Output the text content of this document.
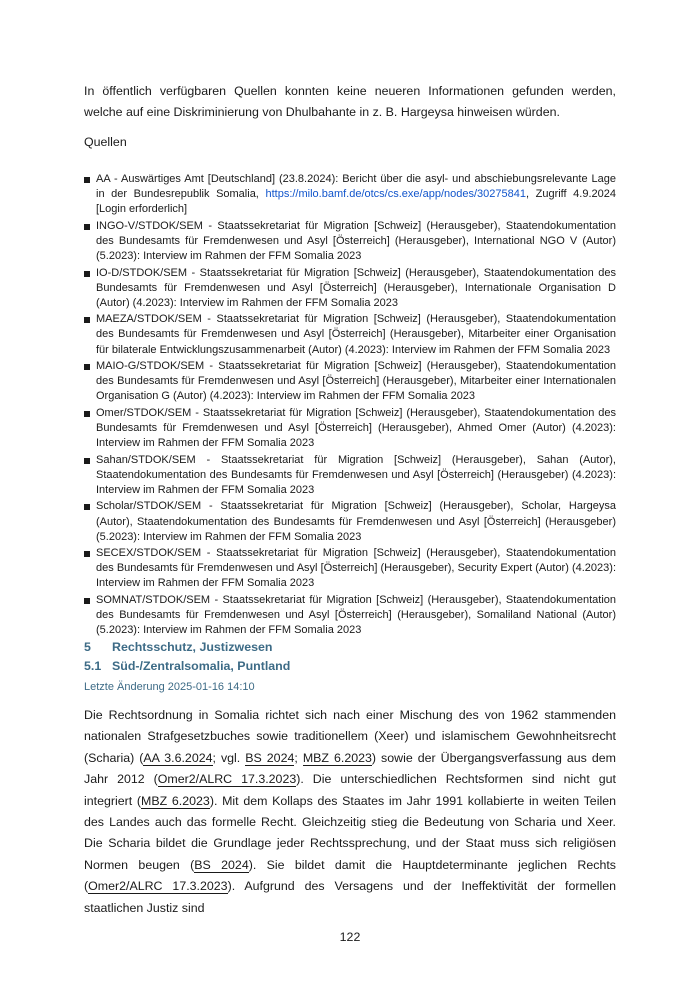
In öffentlich verfügbaren Quellen konnten keine neueren Informationen gefunden werden, welche auf eine Diskriminierung von Dhulbahante in z. B. Hargeysa hinweisen würden.

Quellen

AA - Auswärtiges Amt [Deutschland] (23.8.2024): Bericht über die asyl- und abschiebungsrelevante Lage in der Bundesrepublik Somalia, https://milo.bamf.de/otcs/cs.exe/app/nodes/30275841, Zugriff 4.9.2024 [Login erforderlich]
INGO-V/STDOK/SEM - Staatssekretariat für Migration [Schweiz] (Herausgeber), Staatendokumentation des Bundesamts für Fremdenwesen und Asyl [Österreich] (Herausgeber), International NGO V (Autor) (5.2023): Interview im Rahmen der FFM Somalia 2023
IO-D/STDOK/SEM - Staatssekretariat für Migration [Schweiz] (Herausgeber), Staatendokumentation des Bundesamts für Fremdenwesen und Asyl [Österreich] (Herausgeber), Internationale Organisation D (Autor) (4.2023): Interview im Rahmen der FFM Somalia 2023
MAEZA/STDOK/SEM - Staatssekretariat für Migration [Schweiz] (Herausgeber), Staatendokumentation des Bundesamts für Fremdenwesen und Asyl [Österreich] (Herausgeber), Mitarbeiter einer Organisation für bilaterale Entwicklungszusammenarbeit (Autor) (4.2023): Interview im Rahmen der FFM Somalia 2023
MAIO-G/STDOK/SEM - Staatssekretariat für Migration [Schweiz] (Herausgeber), Staatendokumentation des Bundesamts für Fremdenwesen und Asyl [Österreich] (Herausgeber), Mitarbeiter einer Internationalen Organisation G (Autor) (4.2023): Interview im Rahmen der FFM Somalia 2023
Omer/STDOK/SEM - Staatssekretariat für Migration [Schweiz] (Herausgeber), Staatendokumentation des Bundesamts für Fremdenwesen und Asyl [Österreich] (Herausgeber), Ahmed Omer (Autor) (4.2023): Interview im Rahmen der FFM Somalia 2023
Sahan/STDOK/SEM - Staatssekretariat für Migration [Schweiz] (Herausgeber), Sahan (Autor), Staatendokumentation des Bundesamts für Fremdenwesen und Asyl [Österreich] (Herausgeber) (4.2023): Interview im Rahmen der FFM Somalia 2023
Scholar/STDOK/SEM - Staatssekretariat für Migration [Schweiz] (Herausgeber), Scholar, Hargeysa (Autor), Staatendokumentation des Bundesamts für Fremdenwesen und Asyl [Österreich] (Herausgeber) (5.2023): Interview im Rahmen der FFM Somalia 2023
SECEX/STDOK/SEM - Staatssekretariat für Migration [Schweiz] (Herausgeber), Staatendokumentation des Bundesamts für Fremdenwesen und Asyl [Österreich] (Herausgeber), Security Expert (Autor) (4.2023): Interview im Rahmen der FFM Somalia 2023
SOMNAT/STDOK/SEM - Staatssekretariat für Migration [Schweiz] (Herausgeber), Staatendokumentation des Bundesamts für Fremdenwesen und Asyl [Österreich] (Herausgeber), Somaliland National (Autor) (5.2023): Interview im Rahmen der FFM Somalia 2023
5 Rechtsschutz, Justizwesen
5.1 Süd-/Zentralsomalia, Puntland
Letzte Änderung 2025-01-16 14:10

Die Rechtsordnung in Somalia richtet sich nach einer Mischung des von 1962 stammenden nationalen Strafgesetzbuches sowie traditionellem (Xeer) und islamischem Gewohnheitsrecht (Scharia) (AA 3.6.2024; vgl. BS 2024; MBZ 6.2023) sowie der Übergangsverfassung aus dem Jahr 2012 (Omer2/ALRC 17.3.2023). Die unterschiedlichen Rechtsformen sind nicht gut integriert (MBZ 6.2023). Mit dem Kollaps des Staates im Jahr 1991 kollabierte in weiten Teilen des Landes auch das formelle Recht. Gleichzeitig stieg die Bedeutung von Scharia und Xeer. Die Scharia bildet die Grundlage jeder Rechtssprechung, und der Staat muss sich religiösen Normen beugen (BS 2024). Sie bildet damit die Hauptdeterminante jeglichen Rechts (Omer2/ALRC 17.3.2023). Aufgrund des Versagens und der Ineffektivität der formellen staatlichen Justiz sind

122
